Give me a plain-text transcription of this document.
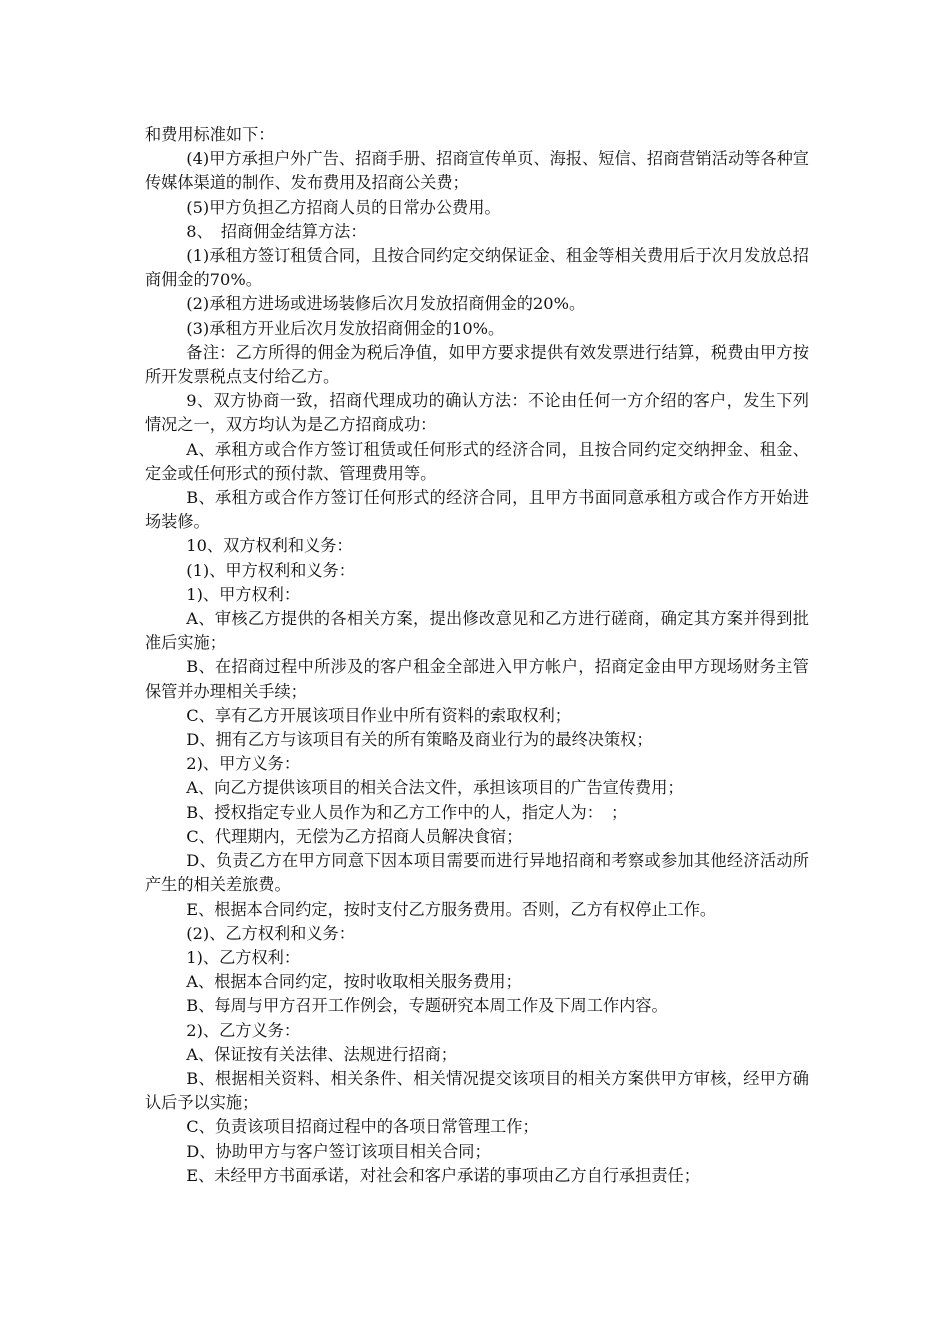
和费用标准如下：

(4)甲方承担户外广告、招商手册、招商宣传单页、海报、短信、招商营销活动等各种宣传媒体渠道的制作、发布费用及招商公关费；

(5)甲方负担乙方招商人员的日常办公费用。

8、　招商佣金结算方法：

(1)承租方签订租赁合同，且按合同约定交纳保证金、租金等相关费用后于次月发放总招商佣金的70%。

(2)承租方进场或进场装修后次月发放招商佣金的20%。

(3)承租方开业后次月发放招商佣金的10%。

备注：乙方所得的佣金为税后净值，如甲方要求提供有效发票进行结算，税费由甲方按所开发票税点支付给乙方。

9、双方协商一致，招商代理成功的确认方法：不论由任何一方介绍的客户，发生下列情况之一，双方均认为是乙方招商成功：

A、承租方或合作方签订租赁或任何形式的经济合同，且按合同约定交纳押金、租金、定金或任何形式的预付款、管理费用等。

B、承租方或合作方签订任何形式的经济合同，且甲方书面同意承租方或合作方开始进场装修。

10、双方权利和义务：

(1)、甲方权利和义务：

1)、甲方权利：

A、审核乙方提供的各相关方案，提出修改意见和乙方进行磋商，确定其方案并得到批准后实施；

B、在招商过程中所涉及的客户租金全部进入甲方帐户，招商定金由甲方现场财务主管保管并办理相关手续；

C、享有乙方开展该项目作业中所有资料的索取权利；

D、拥有乙方与该项目有关的所有策略及商业行为的最终决策权；

2)、甲方义务：

A、向乙方提供该项目的相关合法文件，承担该项目的广告宣传费用；

B、授权指定专业人员作为和乙方工作中的人，指定人为：　；

C、代理期内，无偿为乙方招商人员解决食宿；

D、负责乙方在甲方同意下因本项目需要而进行异地招商和考察或参加其他经济活动所产生的相关差旅费。

E、根据本合同约定，按时支付乙方服务费用。否则，乙方有权停止工作。

(2)、乙方权利和义务：

1)、乙方权利：

A、根据本合同约定，按时收取相关服务费用；

B、每周与甲方召开工作例会，专题研究本周工作及下周工作内容。

2)、乙方义务：

A、保证按有关法律、法规进行招商；

B、根据相关资料、相关条件、相关情况提交该项目的相关方案供甲方审核，经甲方确认后予以实施；

C、负责该项目招商过程中的各项日常管理工作；

D、协助甲方与客户签订该项目相关合同；

E、未经甲方书面承诺，对社会和客户承诺的事项由乙方自行承担责任；
